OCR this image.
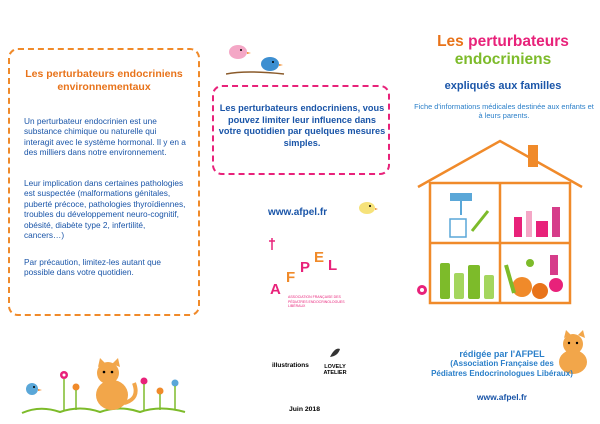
Les perturbateurs endocriniens
environnementaux
Un perturbateur endocrinien est une substance chimique ou naturelle qui interagit avec le système hormonal. Il y en a des milliers dans notre environnement.
Leur implication dans certaines pathologies est suspectée (malformations génitales, puberté précoce, pathologies thyroïdiennes, troubles du développement neuro-cognitif, obésité, diabète type 2, infertilité, cancers…)
Par précaution, limitez-les autant que possible dans votre quotidien.
Les perturbateurs endocriniens, vous pouvez limiter leur influence dans votre quotidien par quelques mesures simples.
www.afpel.fr
A
F
P
E L
ASSOCIATION FRANÇAISE DES
PÉDIATRES ENDOCRINOLOGUES LIBÉRAUX
illustrations	LOVELY
ATELIER
Juin 2018
Les perturbateurs
endocriniens
expliqués aux familles
Fiche d'informations médicales destinée aux enfants et à leurs parents.
rédigée par l'AFPEL
(Association Française des
Pédiatres Endocrinologues Libéraux)
www.afpel.fr
